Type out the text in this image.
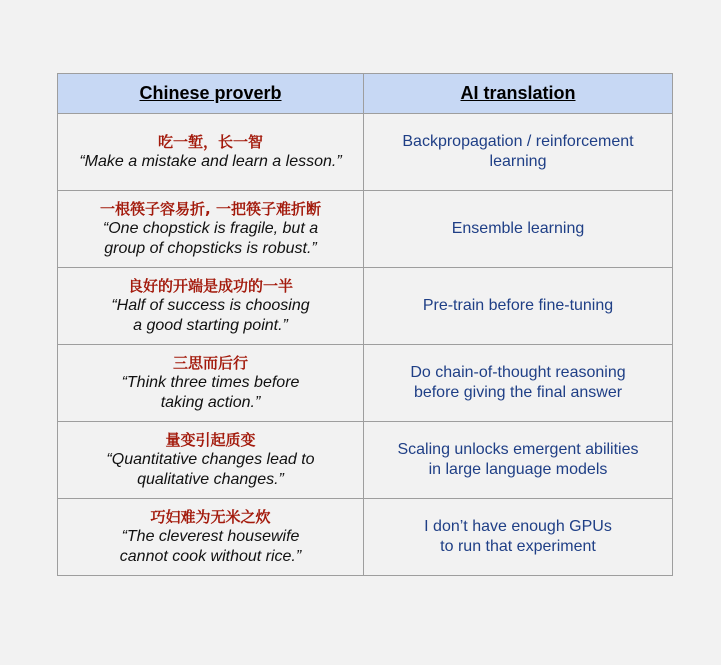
Chinese proverb	AI translation

吃一堑，长一智
“Make a mistake and learn a lesson.”	Backpropagation / reinforcement
learning

一根筷子容易折, 一把筷子难折断
“One chopstick is fragile, but a
group of chopsticks is robust.”	Ensemble learning

良好的开端是成功的一半
“Half of success is choosing
a good starting point.”	Pre-train before fine-tuning

三思而后行
“Think three times before
taking action.”	Do chain-of-thought reasoning
before giving the final answer

量变引起质变
“Quantitative changes lead to
qualitative changes.”	Scaling unlocks emergent abilities
in large language models

巧妇难为无米之炊
“The cleverest housewife
cannot cook without rice.”	I don’t have enough GPUs
to run that experiment
